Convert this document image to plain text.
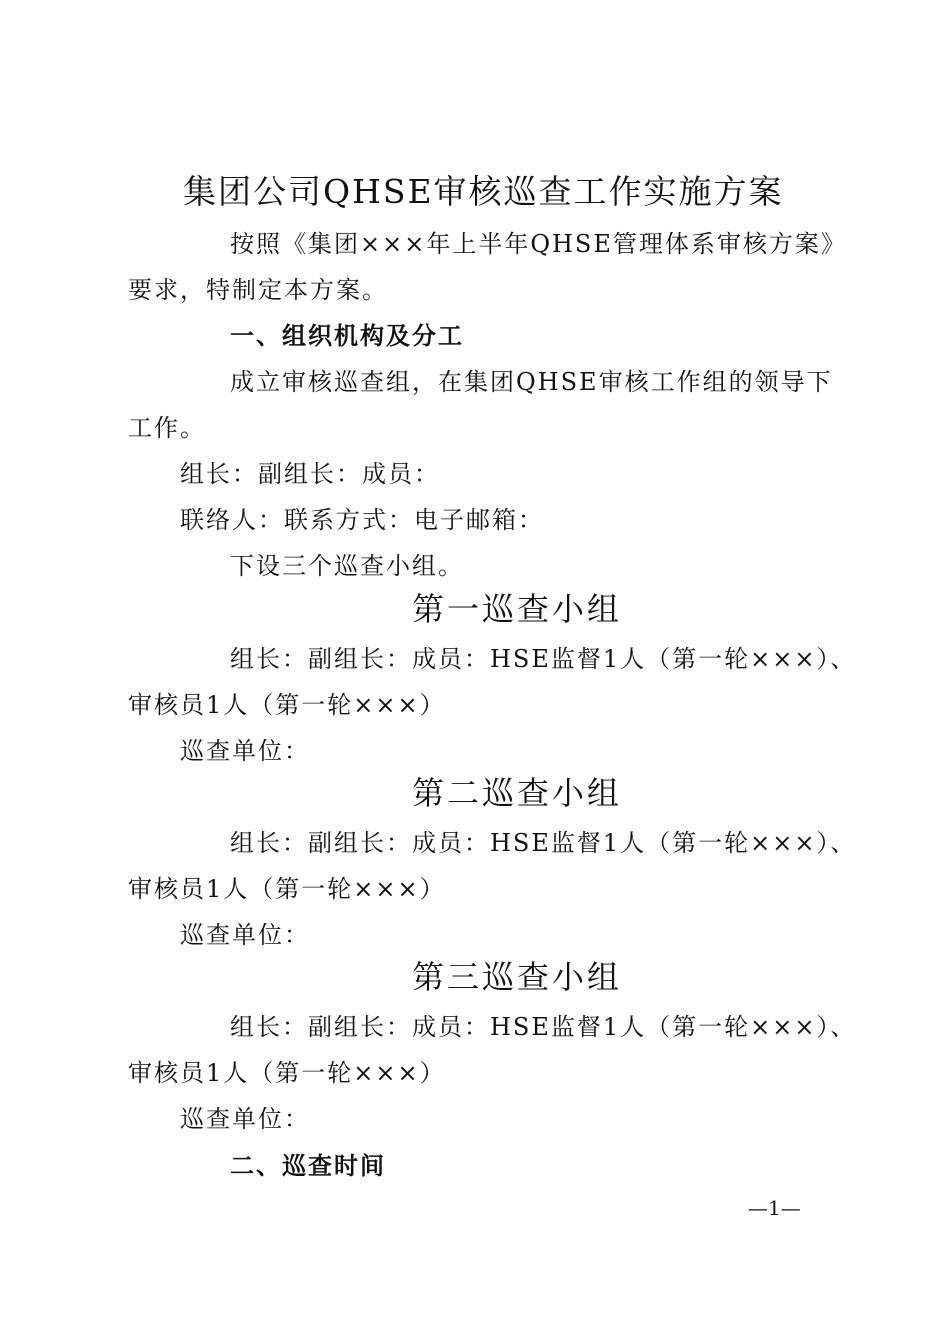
集团公司QHSE审核巡查工作实施方案
按照《集团×××年上半年QHSE管理体系审核方案》
要求，特制定本方案。
一、组织机构及分工
成立审核巡查组，在集团QHSE审核工作组的领导下
工作。
组长：副组长：成员：
联络人：联系方式：电子邮箱：
下设三个巡查小组。
第一巡查小组
组长：副组长：成员：HSE监督1人（第一轮×××）、
审核员1人（第一轮×××）
巡查单位：
第二巡查小组
组长：副组长：成员：HSE监督1人（第一轮×××）、
审核员1人（第一轮×××）
巡查单位：
第三巡查小组
组长：副组长：成员：HSE监督1人（第一轮×××）、
审核员1人（第一轮×××）
巡查单位：
二、巡查时间
—1—
